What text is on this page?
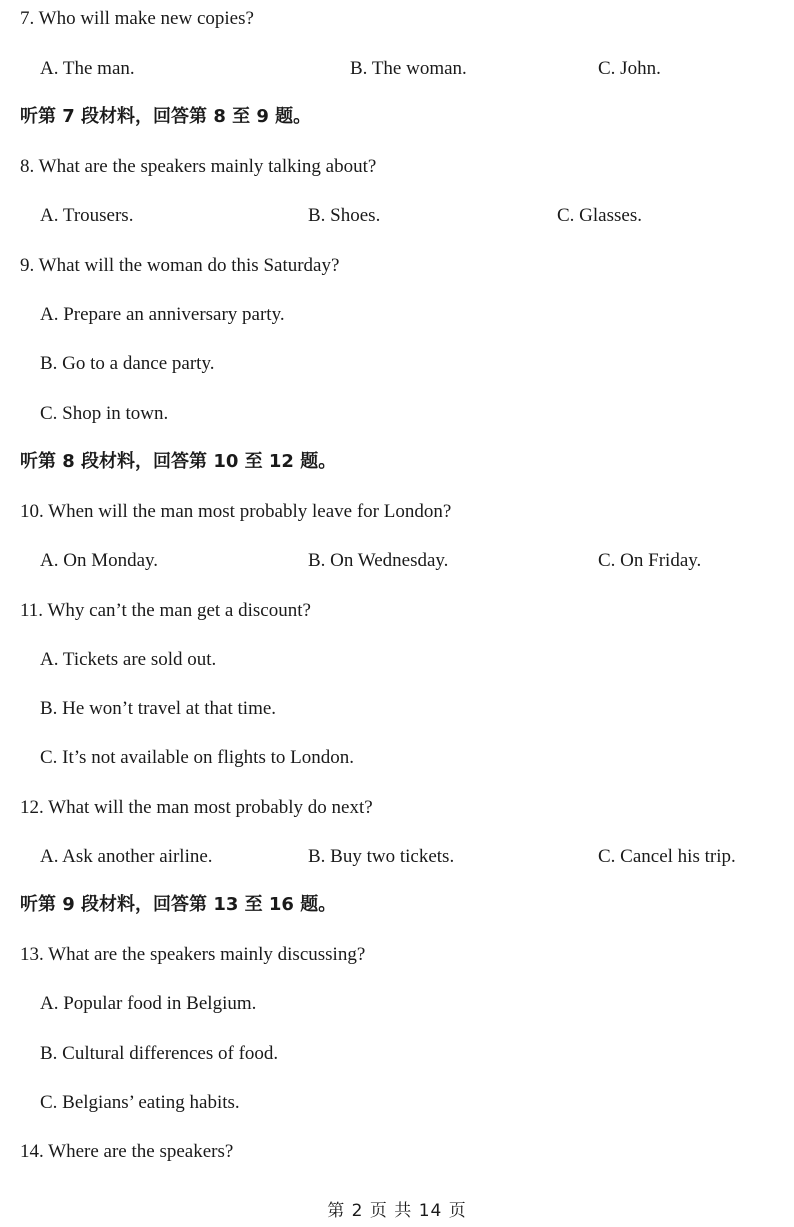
7. Who will make new copies?
A. The man.	B. The woman.	C. John.
听第 7 段材料，回答第 8 至 9 题。
8. What are the speakers mainly talking about?
A. Trousers.	B. Shoes.	C. Glasses.
9. What will the woman do this Saturday?
A. Prepare an anniversary party.
B. Go to a dance party.
C. Shop in town.
听第 8 段材料，回答第 10 至 12 题。
10. When will the man most probably leave for London?
A. On Monday.	B. On Wednesday.	C. On Friday.
11. Why can’t the man get a discount?
A. Tickets are sold out.
B. He won’t travel at that time.
C. It’s not available on flights to London.
12. What will the man most probably do next?
A. Ask another airline.	B. Buy two tickets.	C. Cancel his trip.
听第 9 段材料，回答第 13 至 16 题。
13. What are the speakers mainly discussing?
A. Popular food in Belgium.
B. Cultural differences of food.
C. Belgians’ eating habits.
14. Where are the speakers?
第 2 页 共 14 页
